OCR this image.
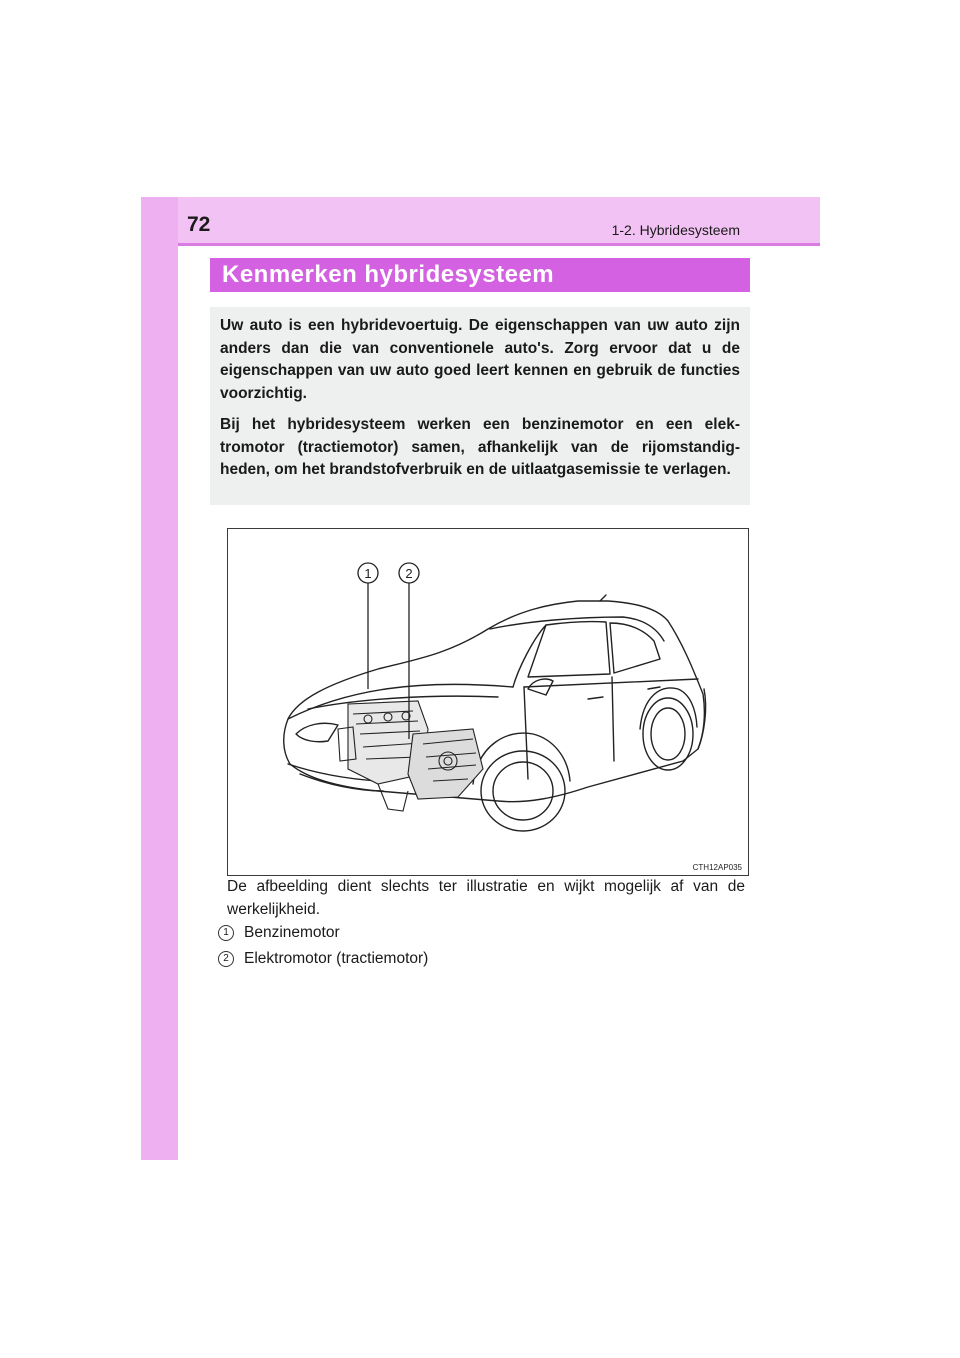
72	1-2. Hybridesysteem
Kenmerken hybridesysteem

Uw auto is een hybridevoertuig. De eigenschappen van uw auto zijn anders dan die van conventionele auto's. Zorg ervoor dat u de eigenschappen van uw auto goed leert kennen en gebruik de functies voorzichtig.

Bij het hybridesysteem werken een benzinemotor en een elek- tromotor (tractiemotor) samen, afhankelijk van de rijomstandig- heden, om het brandstofverbruik en de uitlaatgasemissie te verlagen.

1	2
CTH12AP035
De afbeelding dient slechts ter illustratie en wijkt mogelijk af van de werkelijkheid.
1 Benzinemotor
2 Elektromotor (tractiemotor)
